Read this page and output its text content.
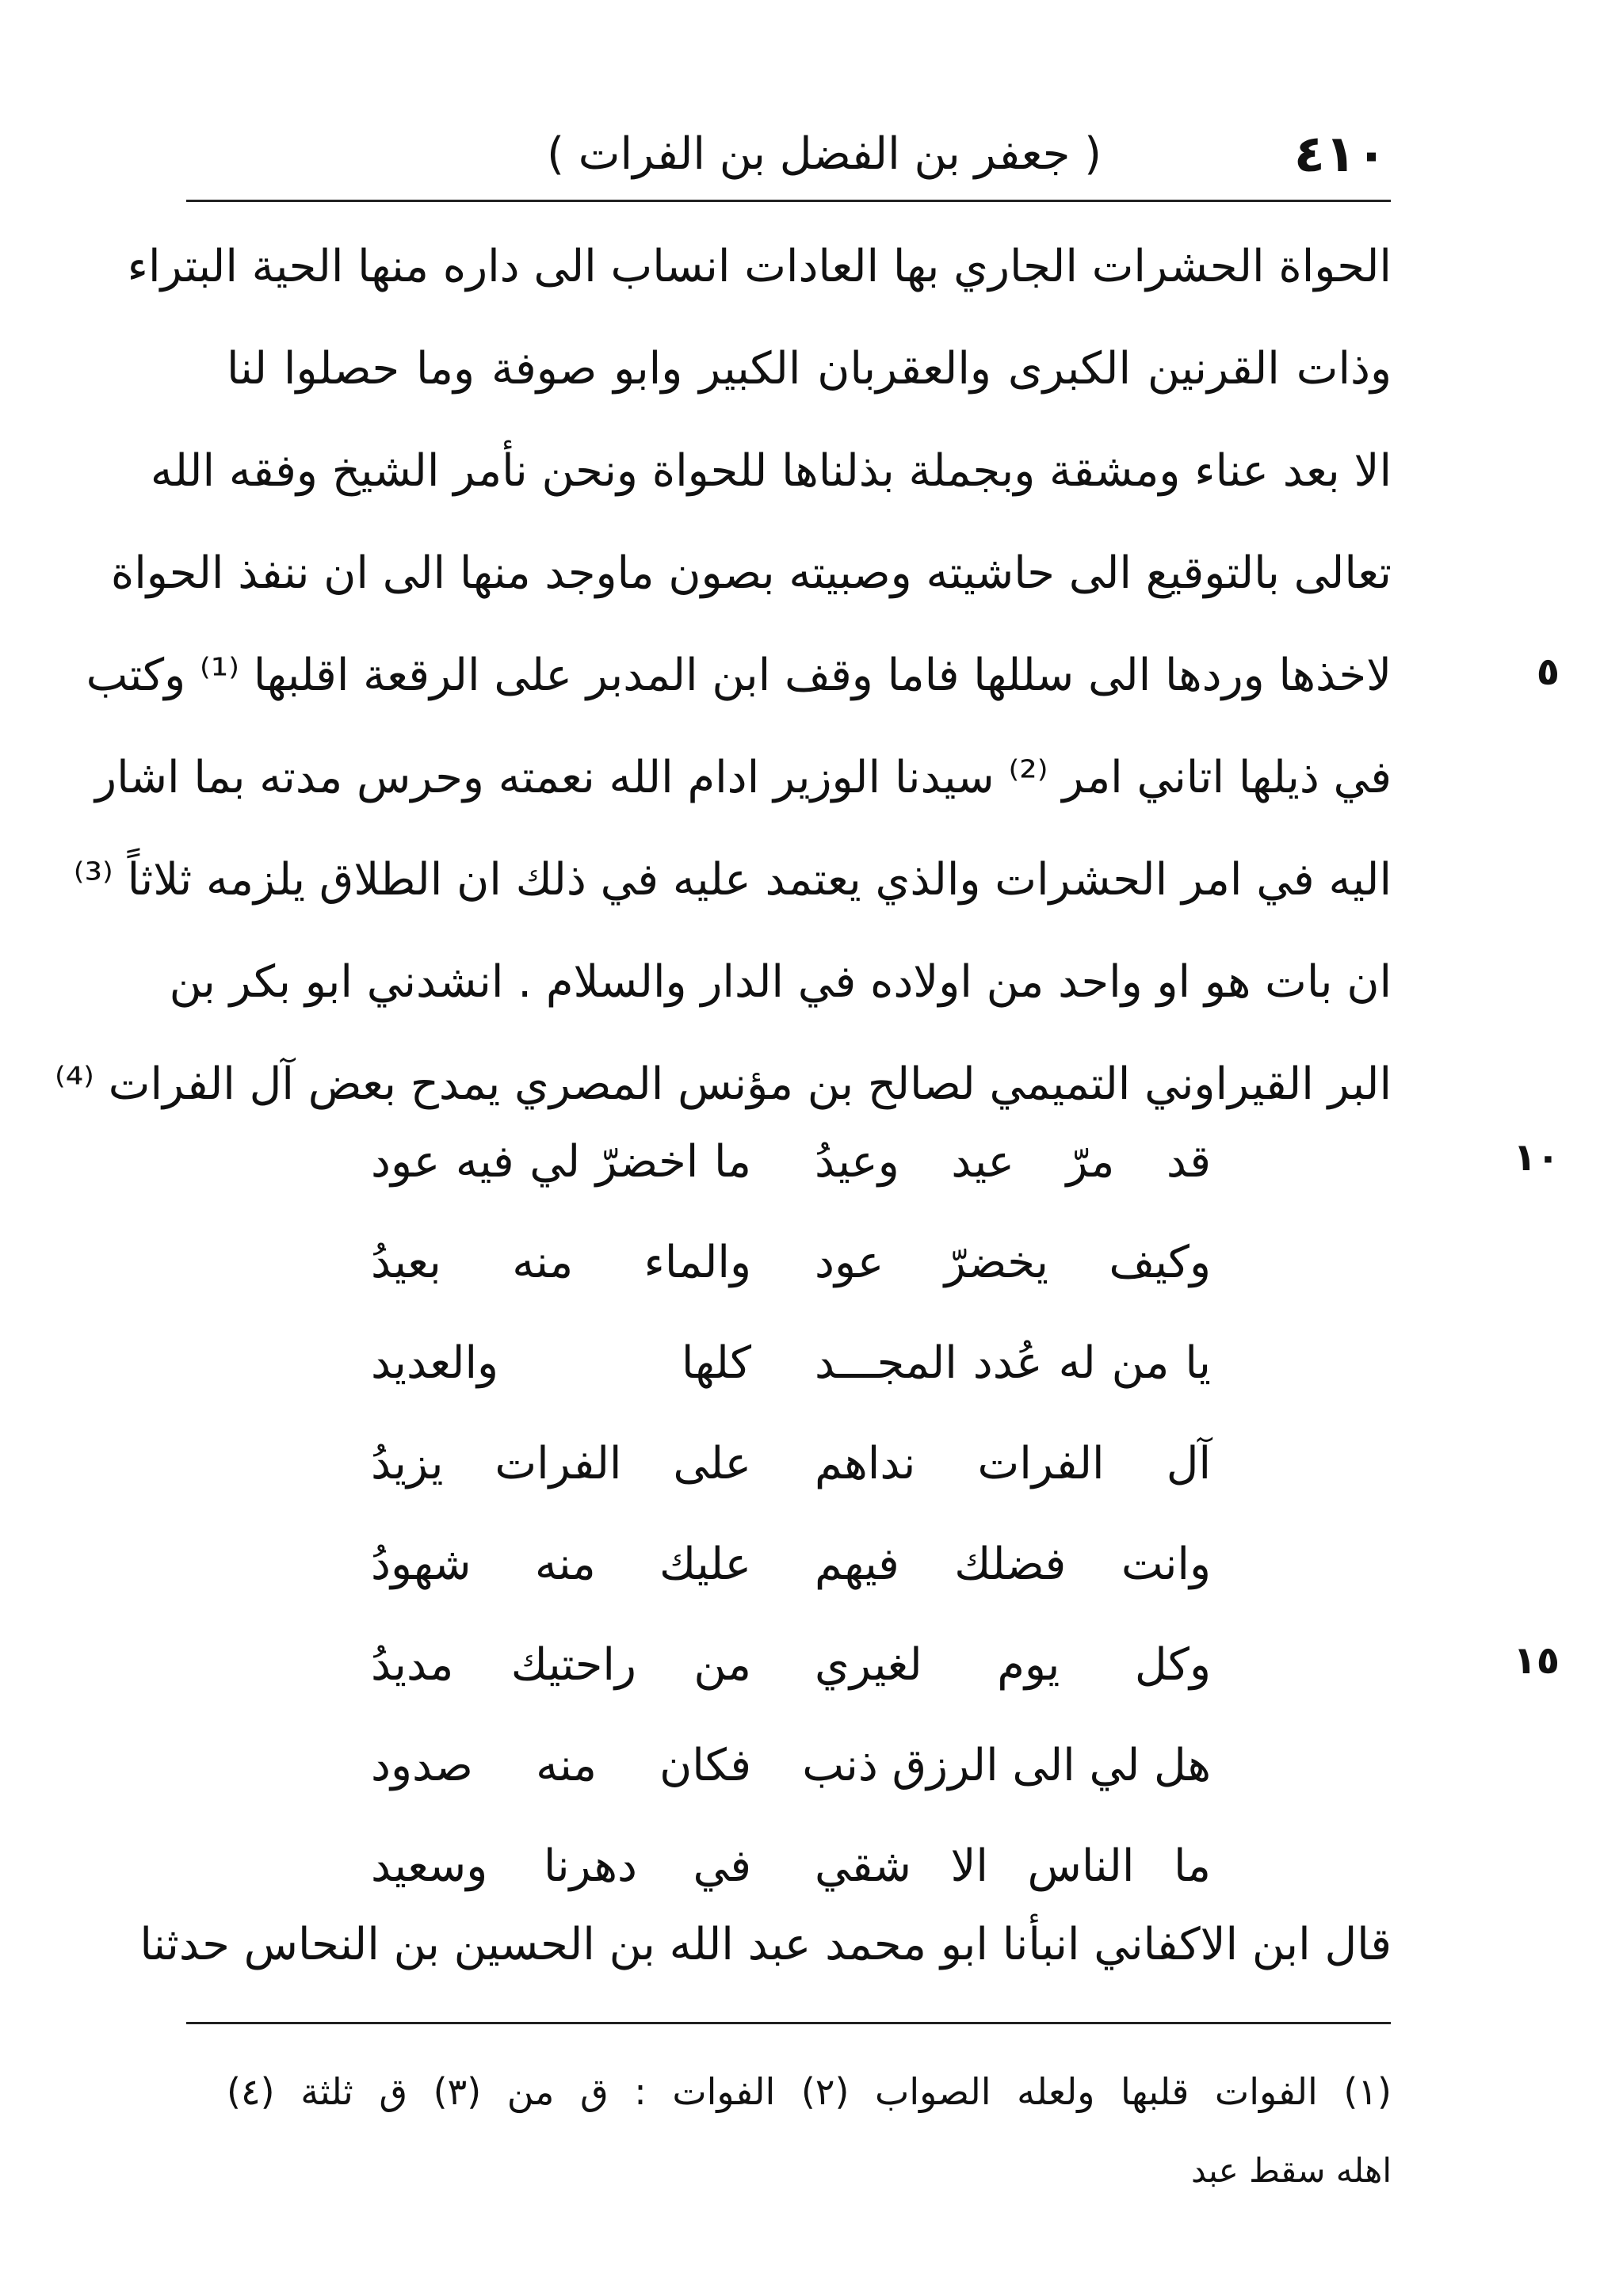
٤١٠
( جعفر بن الفضل بن الفرات )
الحواة الحشرات الجاري بها العادات انساب الى داره منها الحية البتراء
وذات القرنين الكبرى والعقربان الكبير وابو صوفة وما حصلوا لنا
الا بعد عناء ومشقة وبجملة بذلناها للحواة ونحن نأمر الشيخ وفقه الله
تعالى بالتوقيع الى حاشيته وصبيته بصون ماوجد منها الى ان ننفذ الحواة
لاخذها وردها الى سللها فاما وقف ابن المدبر على الرقعة اقلبها ⁽¹⁾ وكتب
في ذيلها اتاني امر ⁽²⁾ سيدنا الوزير ادام الله نعمته وحرس مدته بما اشار
اليه في امر الحشرات والذي يعتمد عليه في ذلك ان الطلاق يلزمه ثلاثاً ⁽³⁾
ان بات هو او واحد من اولاده في الدار والسلام . انشدني ابو بكر بن
البر القيراوني التميمي لصالح بن مؤنس المصري يمدح بعض آل الفرات ⁽⁴⁾
قد مرّ عيد وعيدُ
ما اخضرّ لي فيه عود
وكيف يخضرّ عود
والماء منه بعيدُ
يا من له عُدد المجـــد
كلها والعديد
آل الفرات نداهم
على الفرات يزيدُ
وانت فضلك فيهم
عليك منه شهودُ
وكل يوم لغيري
من راحتيك مديدُ
هل لي الى الرزق ذنب
فكان منه صدود
ما الناس الا شقي
في دهرنا وسعيد
قال ابن الاكفاني انبأنا ابو محمد عبد الله بن الحسين بن النحاس حدثنا
٥
١٠
١٥
(١) الفوات قلبها ولعله الصواب (٢) الفوات : ق من (٣) ق ثلثة (٤)
اهله سقط عبد
